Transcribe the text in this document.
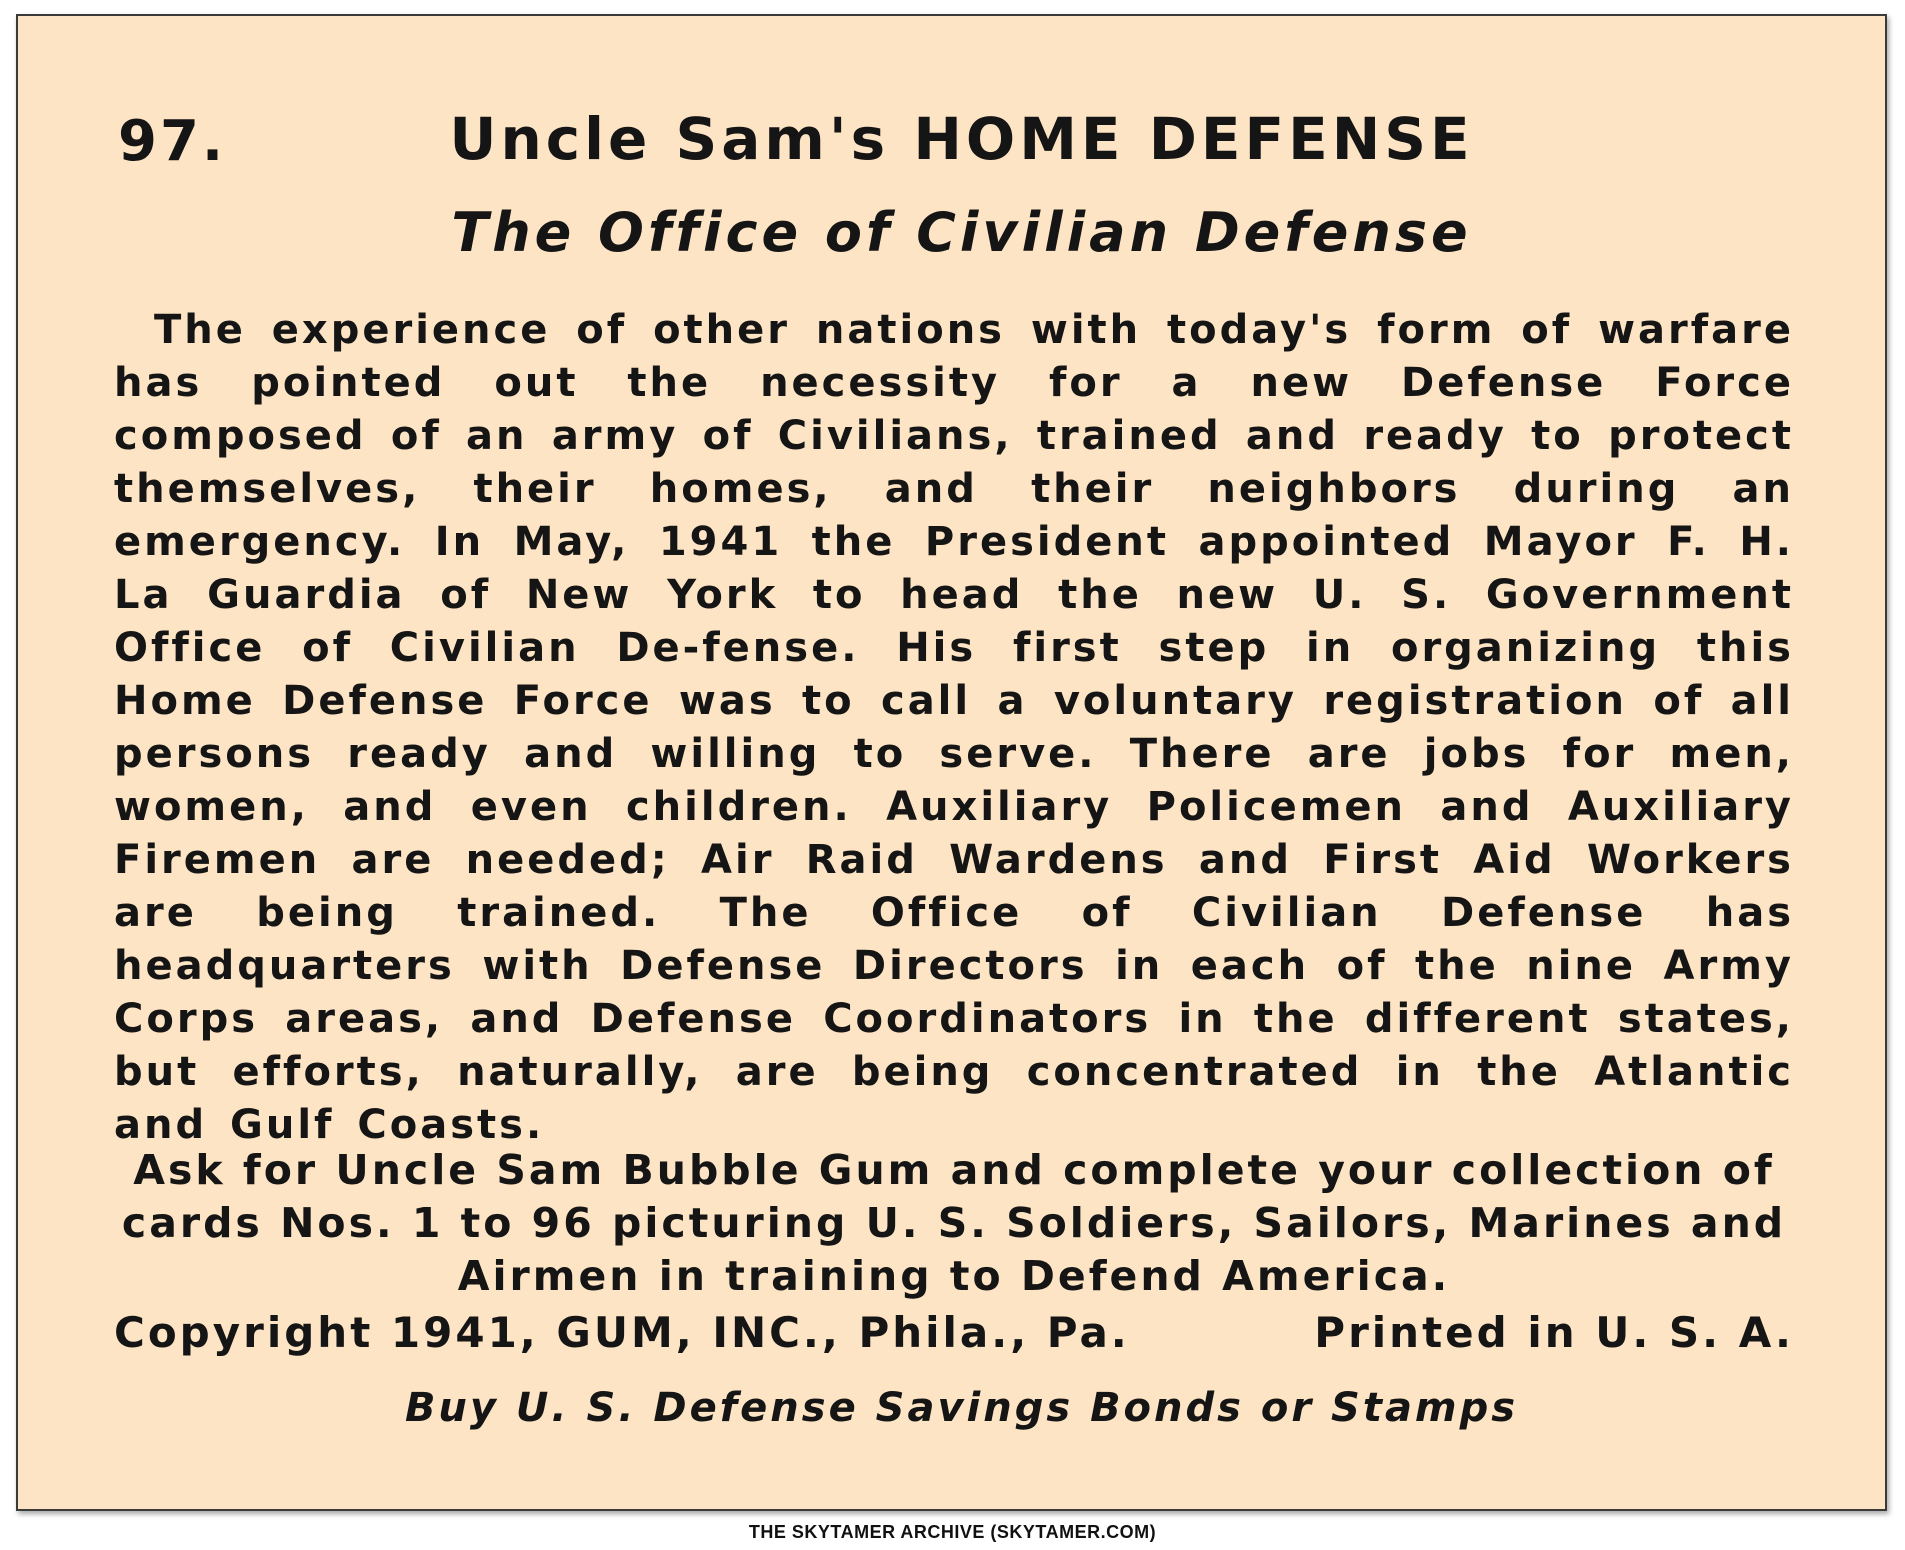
97.	Uncle Sam's HOME DEFENSE
The Office of Civilian Defense

The experience of other nations with today's form of warfare has pointed out the necessity for a new Defense Force composed of an army of Civilians, trained and ready to protect themselves, their homes, and their neighbors during an emergency. In May, 1941 the President appointed Mayor F. H. La Guardia of New York to head the new U. S. Government Office of Civilian De-fense. His first step in organizing this Home Defense Force was to call a voluntary registration of all persons ready and willing to serve. There are jobs for men, women, and even children. Auxiliary Policemen and Auxiliary Firemen are needed; Air Raid Wardens and First Aid Workers are being trained. The Office of Civilian Defense has headquarters with Defense Directors in each of the nine Army Corps areas, and Defense Coordinators in the different states, but efforts, naturally, are being concentrated in the Atlantic and Gulf Coasts.

Ask for Uncle Sam Bubble Gum and complete your collection of cards Nos. 1 to 96 picturing U. S. Soldiers, Sailors, Marines and Airmen in training to Defend America.

Copyright 1941, GUM, INC., Phila., Pa.	Printed in U. S. A.
Buy U. S. Defense Savings Bonds or Stamps
THE SKYTAMER ARCHIVE (SKYTAMER.COM)
